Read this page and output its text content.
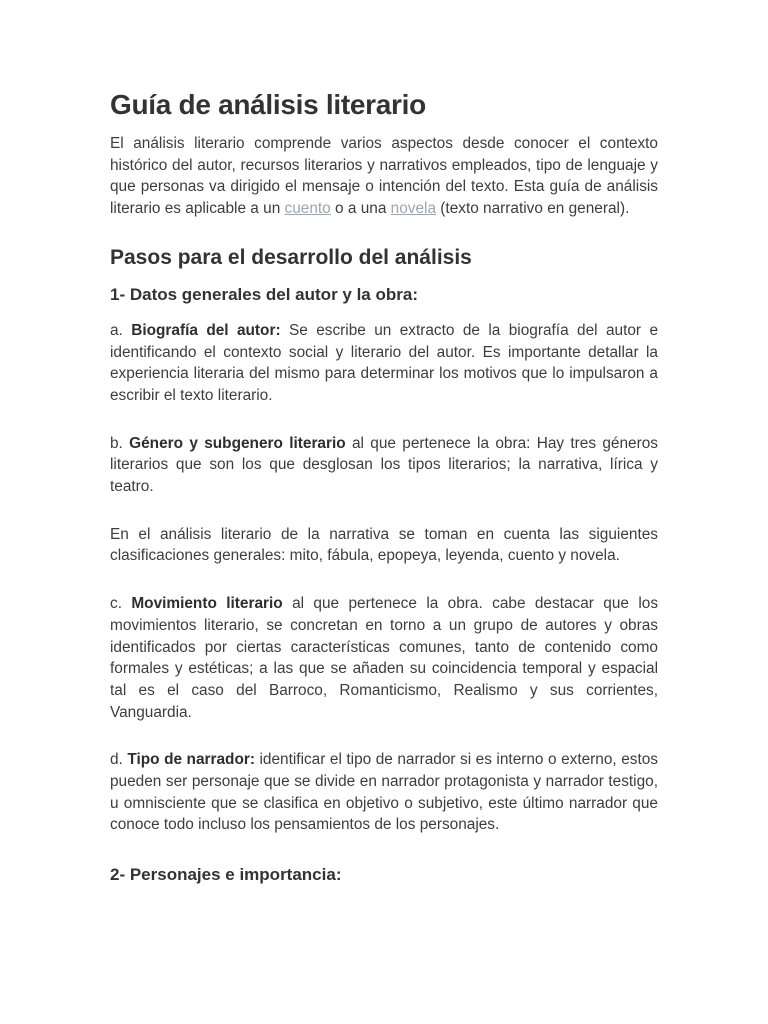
Guía de análisis literario

El análisis literario comprende varios aspectos desde conocer el contexto histórico del autor, recursos literarios y narrativos empleados, tipo de lenguaje y que personas va dirigido el mensaje o intención del texto. Esta guía de análisis literario es aplicable a un cuento o a una novela (texto narrativo en general).

Pasos para el desarrollo del análisis
1- Datos generales del autor y la obra:

a. Biografía del autor: Se escribe un extracto de la biografía del autor e identificando el contexto social y literario del autor. Es importante detallar la experiencia literaria del mismo para determinar los motivos que lo impulsaron a escribir el texto literario.

b. Género y subgenero literario al que pertenece la obra: Hay tres géneros literarios que son los que desglosan los tipos literarios; la narrativa, lírica y teatro.

En el análisis literario de la narrativa se toman en cuenta las siguientes clasificaciones generales: mito, fábula, epopeya, leyenda, cuento y novela.

c. Movimiento literario al que pertenece la obra. cabe destacar que los movimientos literario, se concretan en torno a un grupo de autores y obras identificados por ciertas características comunes, tanto de contenido como formales y estéticas; a las que se añaden su coincidencia temporal y espacial tal es el caso del Barroco, Romanticismo, Realismo y sus corrientes, Vanguardia.

d. Tipo de narrador: identificar el tipo de narrador si es interno o externo, estos pueden ser personaje que se divide en narrador protagonista y narrador testigo, u omnisciente que se clasifica en objetivo o subjetivo, este último narrador que conoce todo incluso los pensamientos de los personajes.

2- Personajes e importancia:
